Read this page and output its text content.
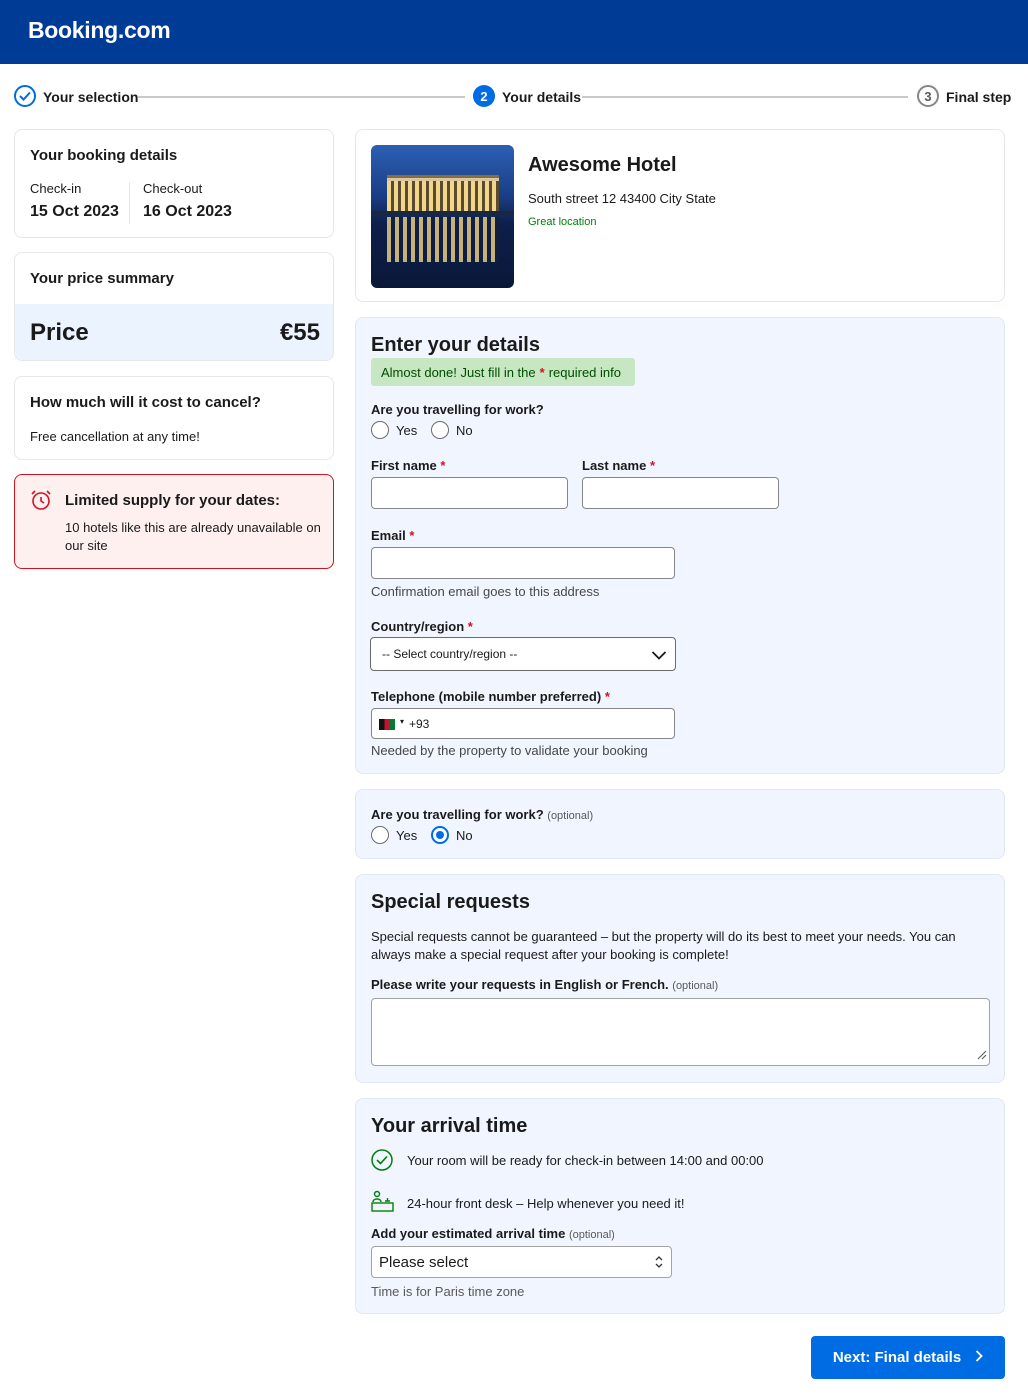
Booking.com
Your selection	2	Your details	3	Final step
Your booking details
Check-in
15 Oct 2023
Check-out
16 Oct 2023
Your price summary
Price	€55
How much will it cost to cancel?
Free cancellation at any time!
Limited supply for your dates:
10 hotels like this are already unavailable on
our site
Awesome Hotel
South street 12 43400 City State
Great location
Enter your details
Almost done! Just fill in the * required info
Are you travelling for work?
Yes	No
First name *	Last name *
Email *
Confirmation email goes to this address
Country/region *
-- Select country/region --
Telephone (mobile number preferred) *
▾ +93
Needed by the property to validate your booking
Are you travelling for work? (optional)
Yes	No
Special requests
Special requests cannot be guaranteed – but the property will do its best to meet your needs. You can
always make a special request after your booking is complete!
Please write your requests in English or French. (optional)
Your arrival time
Your room will be ready for check-in between 14:00 and 00:00
24-hour front desk – Help whenever you need it!
Add your estimated arrival time (optional)
Please select
Time is for Paris time zone
Next: Final details
